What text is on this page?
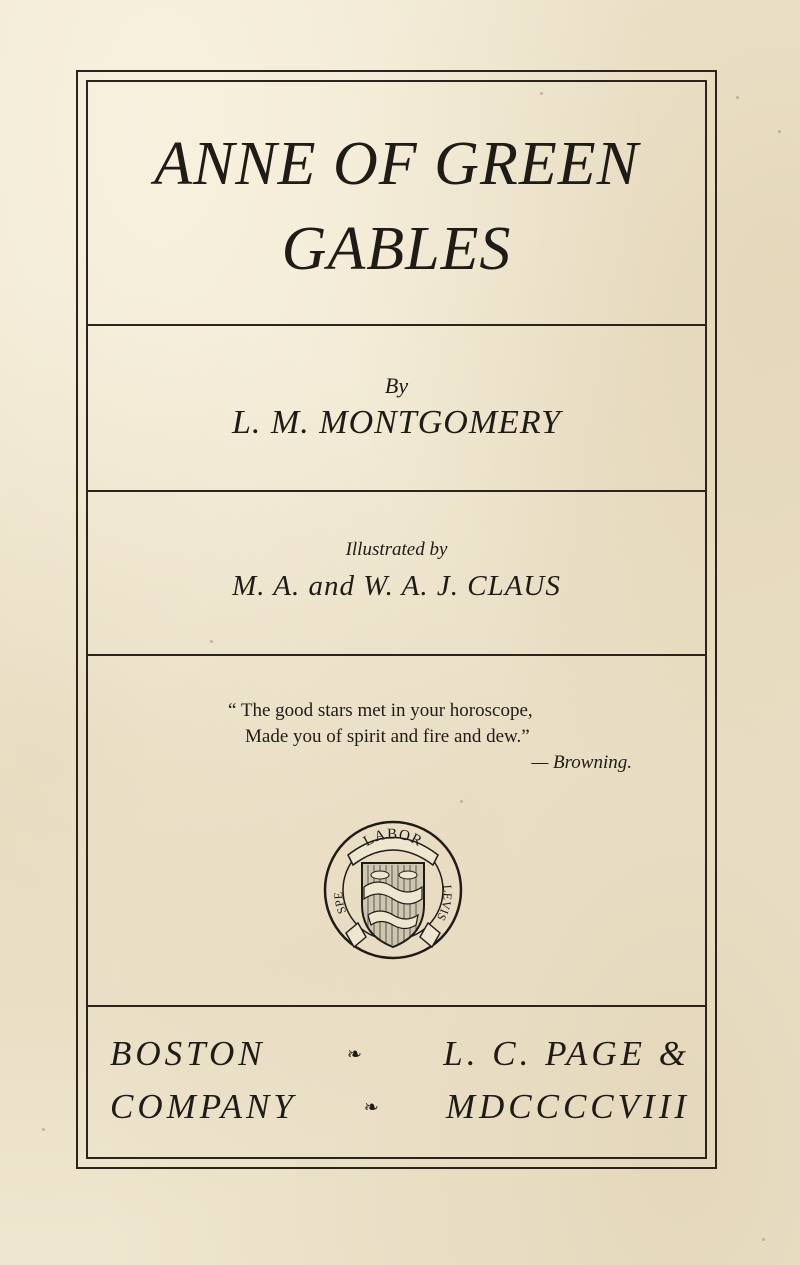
ANNE OF GREEN
GABLES
By
L. M. MONTGOMERY
Illustrated by
M. A. and W. A. J. CLAUS
“ The good stars met in your horoscope,

Made you of spirit and fire and dew.”
— Browning.
LABOR
SPE
LEVIS
BOSTON	❧ L. C. PAGE &
COMPANY	❧ MDCCCCVIII
